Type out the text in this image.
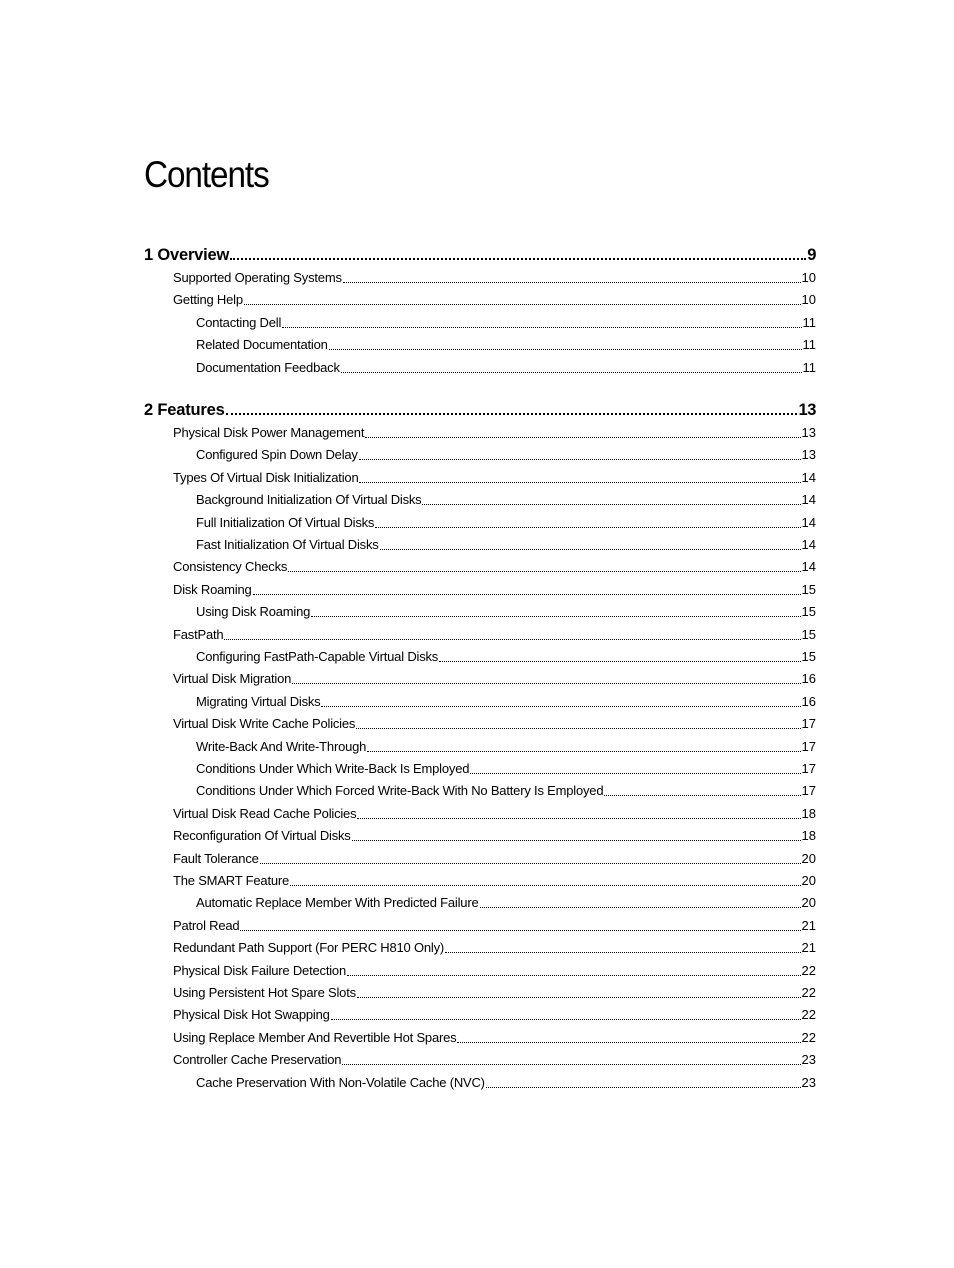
Contents
1 Overview	9
Supported Operating Systems	10
Getting Help	10
Contacting Dell	11
Related Documentation	11
Documentation Feedback	11
2 Features	13
Physical Disk Power Management	13
Configured Spin Down Delay	13
Types Of Virtual Disk Initialization	14
Background Initialization Of Virtual Disks	14
Full Initialization Of Virtual Disks	14
Fast Initialization Of Virtual Disks	14
Consistency Checks	14
Disk Roaming	15
Using Disk Roaming	15
FastPath	15
Configuring FastPath-Capable Virtual Disks	15
Virtual Disk Migration	16
Migrating Virtual Disks	16
Virtual Disk Write Cache Policies	17
Write-Back And Write-Through	17
Conditions Under Which Write-Back Is Employed	17
Conditions Under Which Forced Write-Back With No Battery Is Employed	17
Virtual Disk Read Cache Policies	18
Reconfiguration Of Virtual Disks	18
Fault Tolerance	20
The SMART Feature	20
Automatic Replace Member With Predicted Failure	20
Patrol Read	21
Redundant Path Support (For PERC H810 Only)	21
Physical Disk Failure Detection	22
Using Persistent Hot Spare Slots	22
Physical Disk Hot Swapping	22
Using Replace Member And Revertible Hot Spares	22
Controller Cache Preservation	23
Cache Preservation With Non-Volatile Cache (NVC)	23
